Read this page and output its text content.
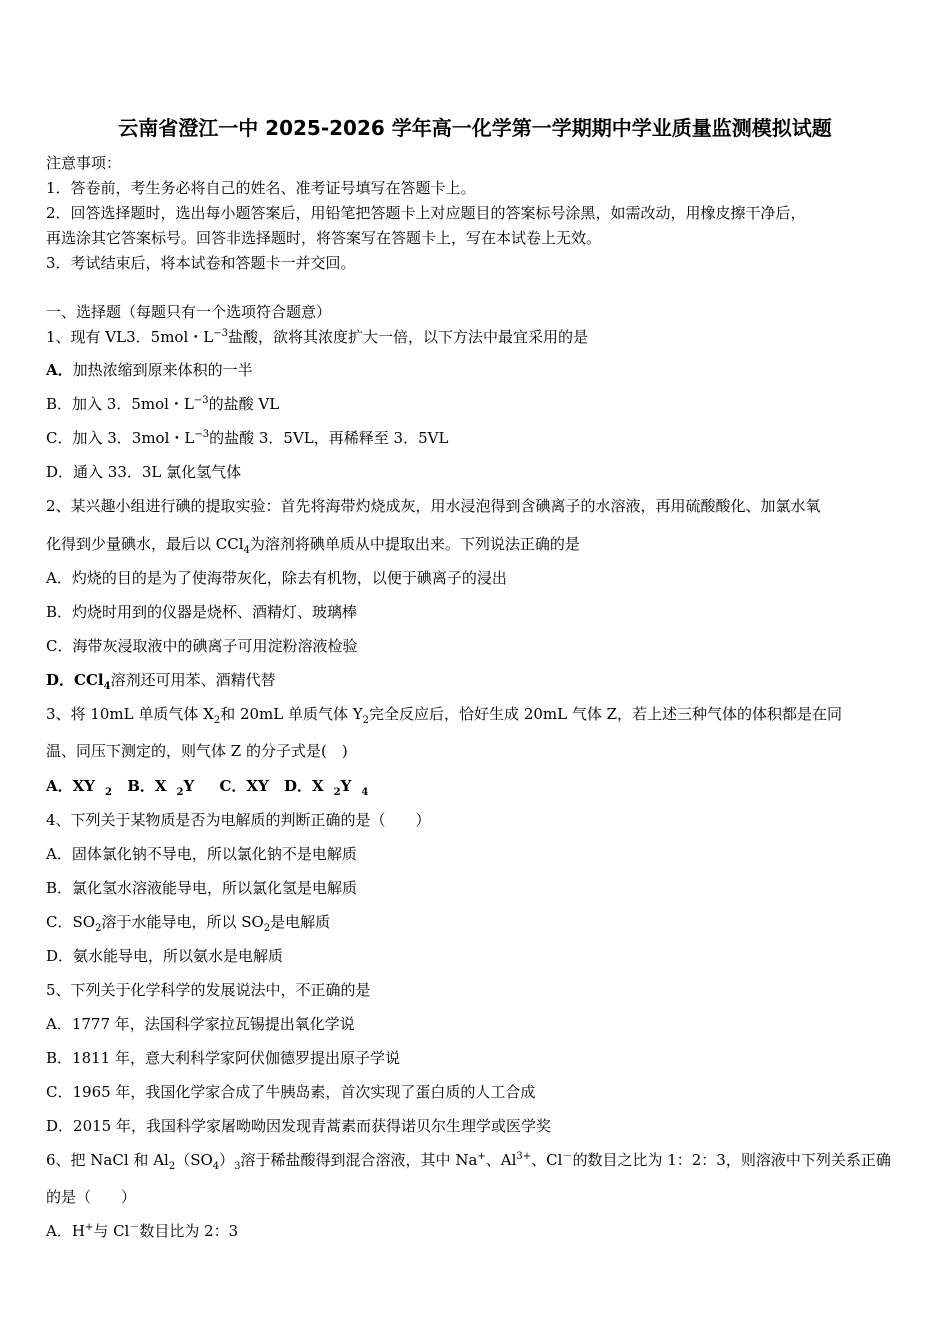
云南省澄江一中 2025-2026 学年高一化学第一学期期中学业质量监测模拟试题
注意事项：
1．答卷前，考生务必将自己的姓名、准考证号填写在答题卡上。
2．回答选择题时，选出每小题答案后，用铅笔把答题卡上对应题目的答案标号涂黑，如需改动，用橡皮擦干净后，
再选涂其它答案标号。回答非选择题时，将答案写在答题卡上，写在本试卷上无效。
3．考试结束后，将本试卷和答题卡一并交回。
一、选择题（每题只有一个选项符合题意）
1、现有 VL3．5mol・$L^{-3}$盐酸，欲将其浓度扩大一倍，以下方法中最宜采用的是
A．加热浓缩到原来体积的一半
B．加入 3．5mol・$L^{-3}$的盐酸 VL
C．加入 3．3mol・$L^{-3}$的盐酸 3．5VL，再稀释至 3．5VL
D．通入 33．3L 氯化氢气体
2、某兴趣小组进行碘的提取实验：首先将海带灼烧成灰，用水浸泡得到含碘离子的水溶液，再用硫酸酸化、加氯水氧
化得到少量碘水，最后以 CCl$_4$为溶剂将碘单质从中提取出来。下列说法正确的是
A．灼烧的目的是为了使海带灰化，除去有机物，以便于碘离子的浸出
B．灼烧时用到的仪器是烧杯、酒精灯、玻璃棒
C．海带灰浸取液中的碘离子可用淀粉溶液检验
D．CCl$_4$溶剂还可用苯、酒精代替
3、将 10mL 单质气体 $X_2$和 20mL 单质气体 $Y_2$完全反应后，恰好生成 20mL 气体 Z，若上述三种气体的体积都是在同
温、同压下测定的，则气体 Z 的分子式是(　)
A．XY $_2$ B．X $_2$Y C．XY D．X $_2$Y $_4$
4、下列关于某物质是否为电解质的判断正确的是（　　）
A．固体氯化钠不导电，所以氯化钠不是电解质
B．氯化氢水溶液能导电，所以氯化氢是电解质
C．$SO_2$溶于水能导电，所以 $SO_2$是电解质
D．氨水能导电，所以氨水是电解质
5、下列关于化学科学的发展说法中，不正确的是
A．1777 年，法国科学家拉瓦锡提出氧化学说
B．1811 年，意大利科学家阿伏伽德罗提出原子学说
C．1965 年，我国化学家合成了牛胰岛素，首次实现了蛋白质的人工合成
D．2015 年，我国科学家屠呦呦因发现青蒿素而获得诺贝尔生理学或医学奖
6、把 NaCl 和 $Al_2(SO_4)_3$溶于稀盐酸得到混合溶液，其中 Na+、$Al^{3+}$、Cl－的数目之比为 1：2：3，则溶液中下列关系正确
的是（　　）
A．H+与 Cl－数目比为 2：3
